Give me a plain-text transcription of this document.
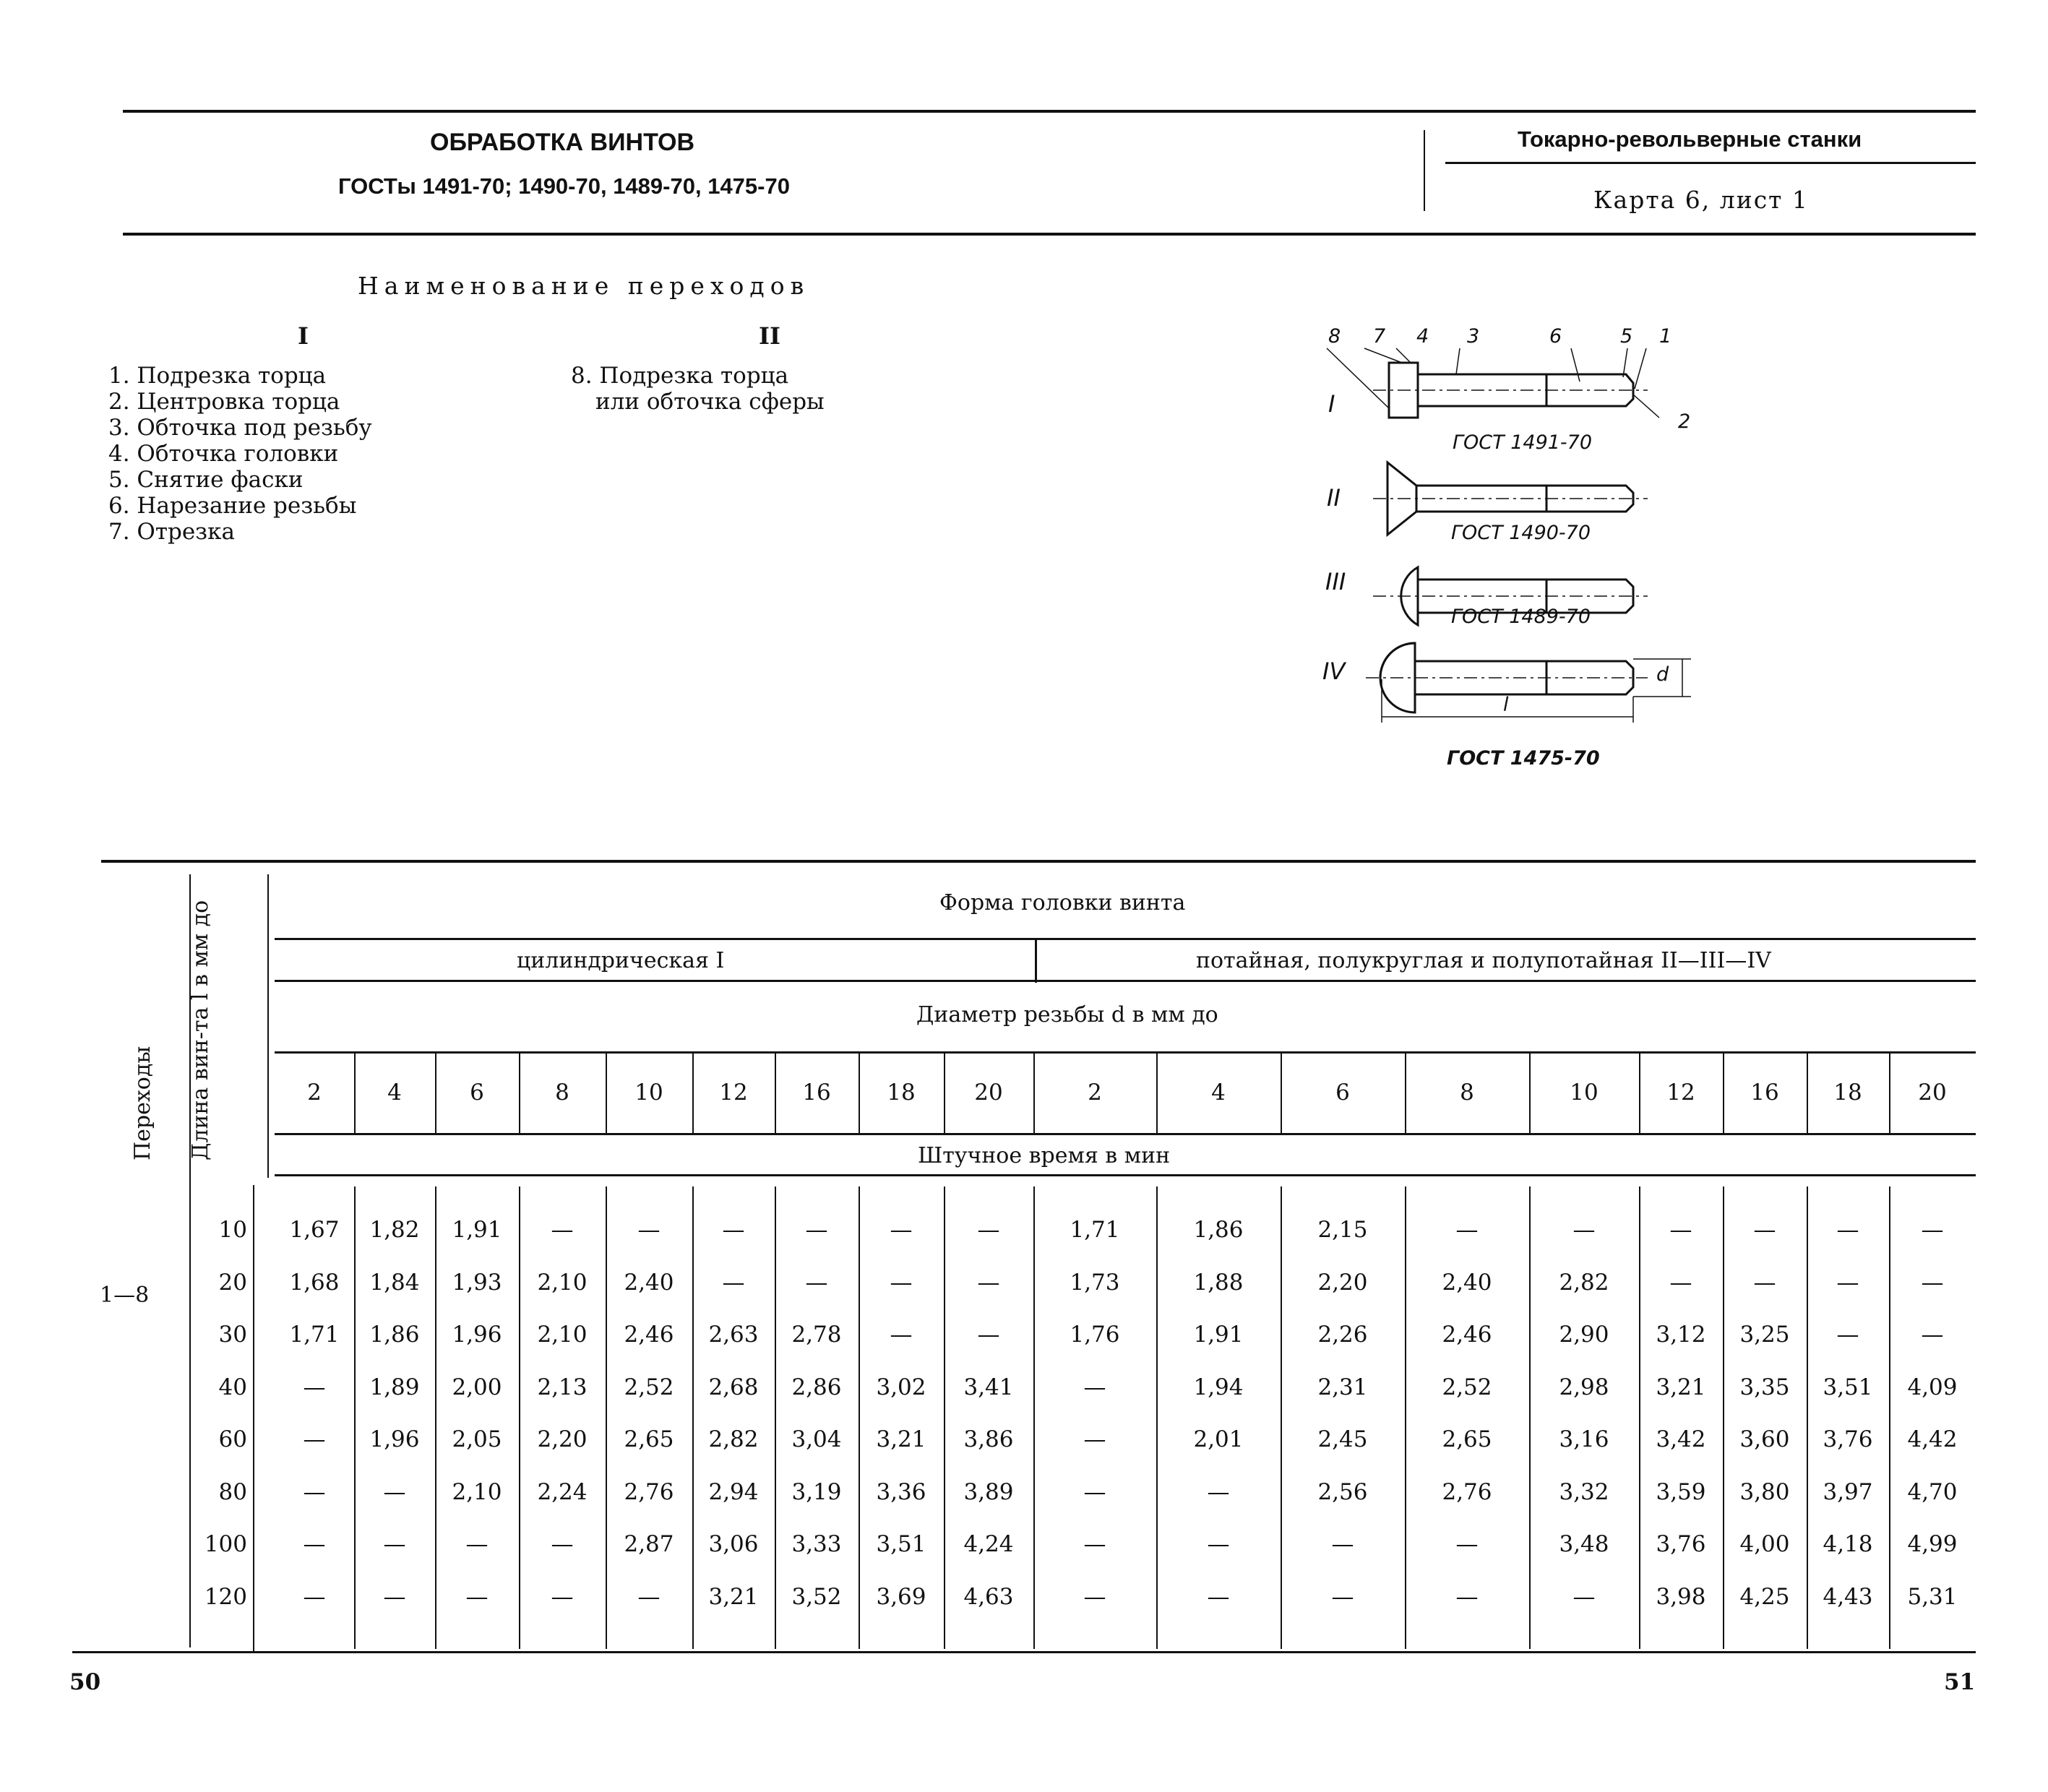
ОБРАБОТКА ВИНТОВ
ГОСТы 1491-70; 1490-70, 1489-70, 1475-70
Токарно-револьверные станки
Карта 6, лист 1
Наименование переходов
I	II
1. Подрезка торца
2. Центровка торца
3. Обточка под резьбу
4. Обточка головки
5. Снятие фаски
6. Нарезание резьбы
7. Отрезка
8. Подрезка торца
или обточка сферы
8 7 4 3	6	5 1
2
I
ГОСТ 1491-70
II
ГОСТ 1490-70
III
ГОСТ 1489-70
IV	d
l
ГОСТ 1475-70
Форма головки винта
цилиндрическая I	потайная, полукруглая и полупотайная II—III—IV
Диаметр резьбы d в мм до
Штучное время в мин
Переходы Длина вин-та l в мм до	2	4	6	8	10	12	16	18	20	2	4	6	8	10	12	16	18	20
1—8
10	1,67	1,82	1,91	—	—	—	—	—	—	1,71	1,86	2,15	—	—	—	—	—	—
20	1,68	1,84	1,93	2,10	2,40	—	—	—	—	1,73	1,88	2,20	2,40	2,82	—	—	—	—
30	1,71	1,86	1,96	2,10	2,46	2,63	2,78	—	—	1,76	1,91	2,26	2,46	2,90	3,12	3,25	—	—
40	—	1,89	2,00	2,13	2,52	2,68	2,86	3,02	3,41	—	1,94	2,31	2,52	2,98	3,21	3,35	3,51	4,09
60	—	1,96	2,05	2,20	2,65	2,82	3,04	3,21	3,86	—	2,01	2,45	2,65	3,16	3,42	3,60	3,76	4,42
80	—	—	2,10	2,24	2,76	2,94	3,19	3,36	3,89	—	—	2,56	2,76	3,32	3,59	3,80	3,97	4,70
100	—	—	—	—	2,87	3,06	3,33	3,51	4,24	—	—	—	—	3,48	3,76	4,00	4,18	4,99
120	—	—	—	—	—	3,21	3,52	3,69	4,63	—	—	—	—	—	3,98	4,25	4,43	5,31
50	51
